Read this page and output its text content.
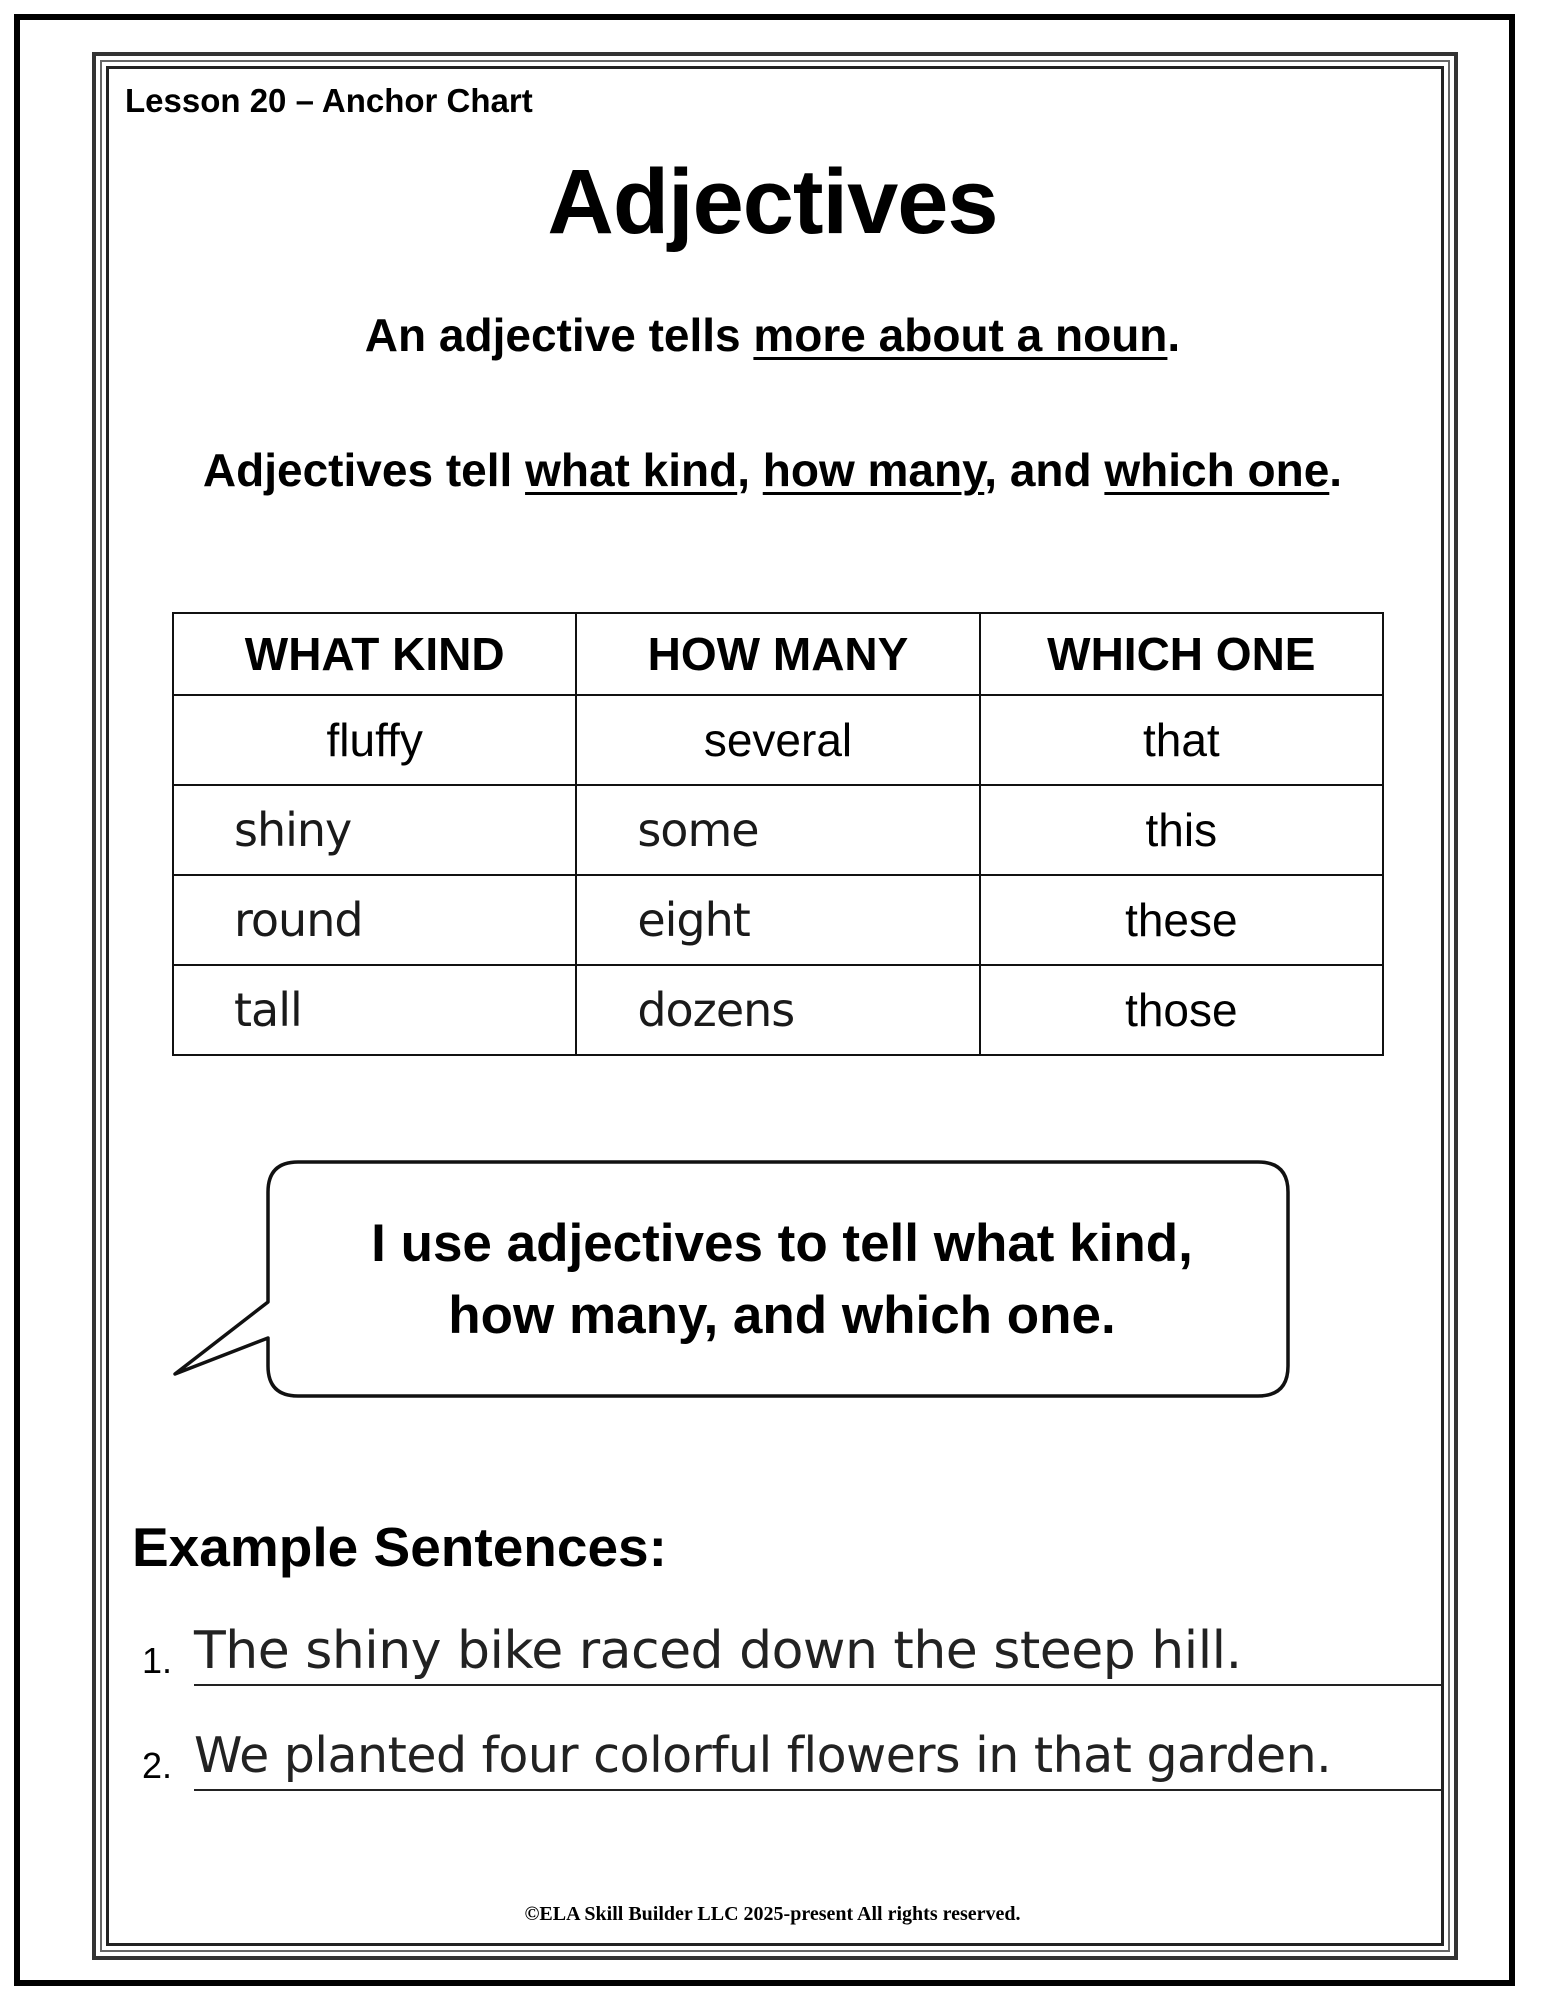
Lesson 20 – Anchor Chart
Adjectives
An adjective tells more about a noun.
Adjectives tell what kind, how many, and which one.
WHAT KIND	HOW MANY	WHICH ONE
fluffy	several	that
shiny	some	this
round	eight	these
tall	dozens	those
I use adjectives to tell what kind,
how many, and which one.
Example Sentences:
1. The shiny bike raced down the steep hill.
2. We planted four colorful flowers in that garden.
©ELA Skill Builder LLC 2025-present All rights reserved.
